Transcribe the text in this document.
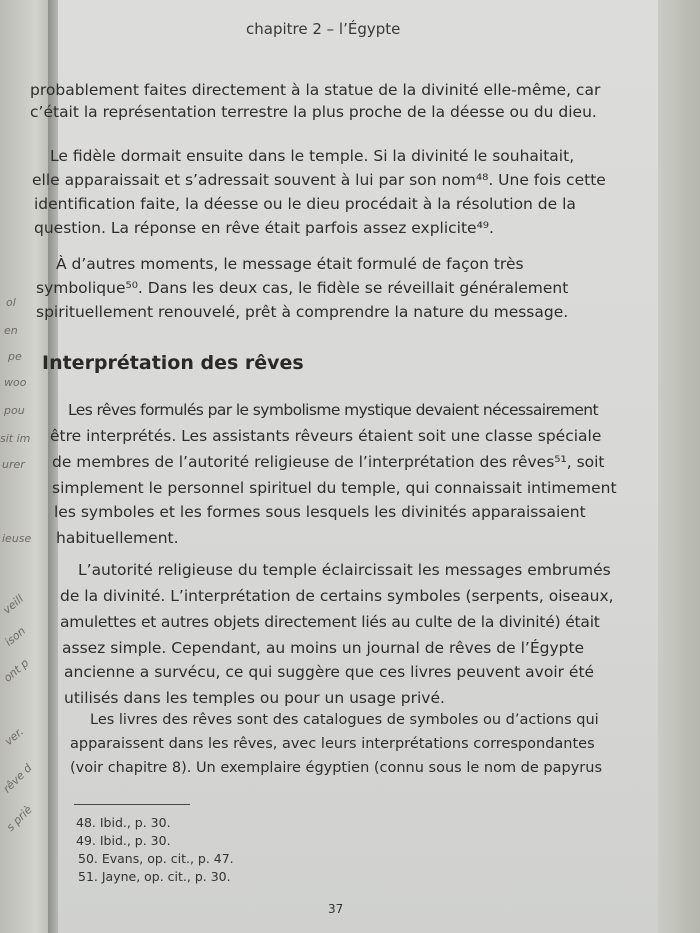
ol
en
pe
woo
pou
sit im
urer
ieuse
veill
ison
ont p
ver.
rêve d
s priè
chapitre 2 – l’Égypte
probablement faites directement à la statue de la divinité elle-même, car
c’était la représentation terrestre la plus proche de la déesse ou du dieu.
Le fidèle dormait ensuite dans le temple. Si la divinité le souhaitait,
elle apparaissait et s’adressait souvent à lui par son nom⁴⁸. Une fois cette
identification faite, la déesse ou le dieu procédait à la résolution de la
question. La réponse en rêve était parfois assez explicite⁴⁹.
À d’autres moments, le message était formulé de façon très
symbolique⁵⁰. Dans les deux cas, le fidèle se réveillait généralement
spirituellement renouvelé, prêt à comprendre la nature du message.
Interprétation des rêves
Les rêves formulés par le symbolisme mystique devaient nécessairement
être interprétés. Les assistants rêveurs étaient soit une classe spéciale
de membres de l’autorité religieuse de l’interprétation des rêves⁵¹, soit
simplement le personnel spirituel du temple, qui connaissait intimement
les symboles et les formes sous lesquels les divinités apparaissaient
habituellement.
L’autorité religieuse du temple éclaircissait les messages embrumés
de la divinité. L’interprétation de certains symboles (serpents, oiseaux,
amulettes et autres objets directement liés au culte de la divinité) était
assez simple. Cependant, au moins un journal de rêves de l’Égypte
ancienne a survécu, ce qui suggère que ces livres peuvent avoir été
utilisés dans les temples ou pour un usage privé.
Les livres des rêves sont des catalogues de symboles ou d’actions qui
apparaissent dans les rêves, avec leurs interprétations correspondantes
(voir chapitre 8). Un exemplaire égyptien (connu sous le nom de papyrus
48. Ibid., p. 30.
49. Ibid., p. 30.
50. Evans, op. cit., p. 47.
51. Jayne, op. cit., p. 30.
37
